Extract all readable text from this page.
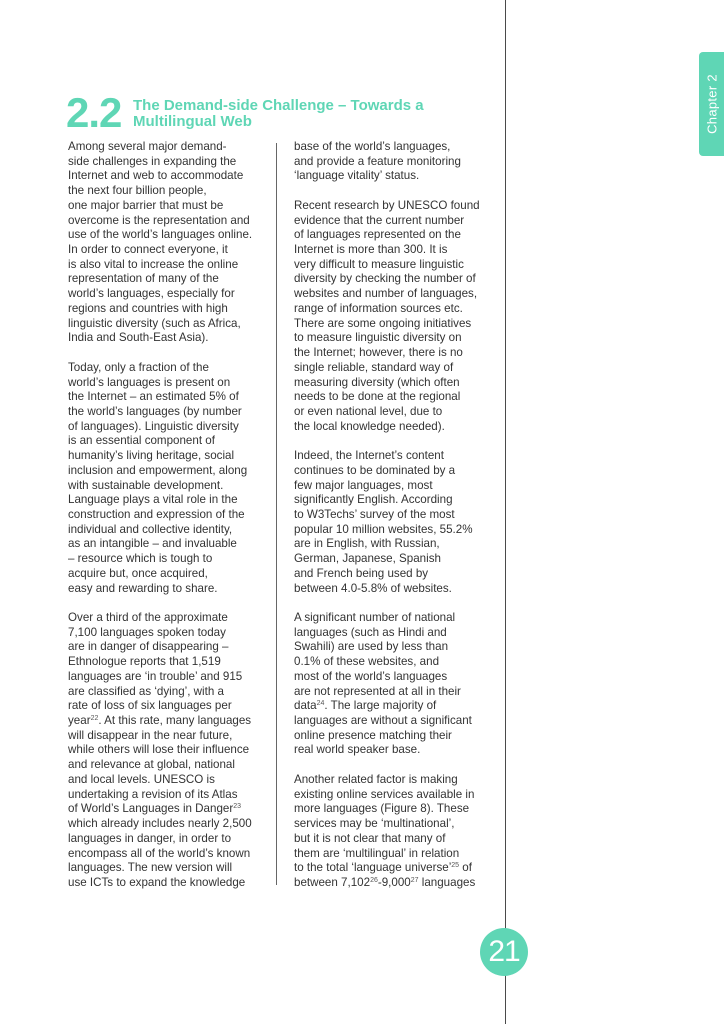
Chapter 2
2.2 The Demand-side Challenge – Towards a Multilingual Web

Among several major demand-
side challenges in expanding the
Internet and web to accommodate
the next four billion people,
one major barrier that must be
overcome is the representation and
use of the world’s languages online.
In order to connect everyone, it
is also vital to increase the online
representation of many of the
world’s languages, especially for
regions and countries with high
linguistic diversity (such as Africa,
India and South-East Asia).

Today, only a fraction of the
world’s languages is present on
the Internet – an estimated 5% of
the world’s languages (by number
of languages). Linguistic diversity
is an essential component of
humanity’s living heritage, social
inclusion and empowerment, along
with sustainable development.
Language plays a vital role in the
construction and expression of the
individual and collective identity,
as an intangible – and invaluable
– resource which is tough to
acquire but, once acquired,
easy and rewarding to share.

Over a third of the approximate
7,100 languages spoken today
are in danger of disappearing –
Ethnologue reports that 1,519
languages are ‘in trouble’ and 915
are classified as ‘dying’, with a
rate of loss of six languages per
year$^{22}$. At this rate, many languages
will disappear in the near future,
while others will lose their influence
and relevance at global, national
and local levels. UNESCO is
undertaking a revision of its Atlas
of World’s Languages in Danger$^{23}$
which already includes nearly 2,500
languages in danger, in order to
encompass all of the world’s known
languages. The new version will
use ICTs to expand the knowledge

base of the world’s languages,
and provide a feature monitoring
‘language vitality’ status.

Recent research by UNESCO found
evidence that the current number
of languages represented on the
Internet is more than 300. It is
very difficult to measure linguistic
diversity by checking the number of
websites and number of languages,
range of information sources etc.
There are some ongoing initiatives
to measure linguistic diversity on
the Internet; however, there is no
single reliable, standard way of
measuring diversity (which often
needs to be done at the regional
or even national level, due to
the local knowledge needed).

Indeed, the Internet’s content
continues to be dominated by a
few major languages, most
significantly English. According
to W3Techs’ survey of the most
popular 10 million websites, 55.2%
are in English, with Russian,
German, Japanese, Spanish
and French being used by
between 4.0-5.8% of websites.

A significant number of national
languages (such as Hindi and
Swahili) are used by less than
0.1% of these websites, and
most of the world’s languages
are not represented at all in their
data$^{24}$. The large majority of
languages are without a significant
online presence matching their
real world speaker base.

Another related factor is making
existing online services available in
more languages (Figure 8). These
services may be ‘multinational’,
but it is not clear that many of
them are ‘multilingual’ in relation
to the total ‘language universe’$^{25}$ of
between 7,102$^{26}$-9,000$^{27}$ languages

21
